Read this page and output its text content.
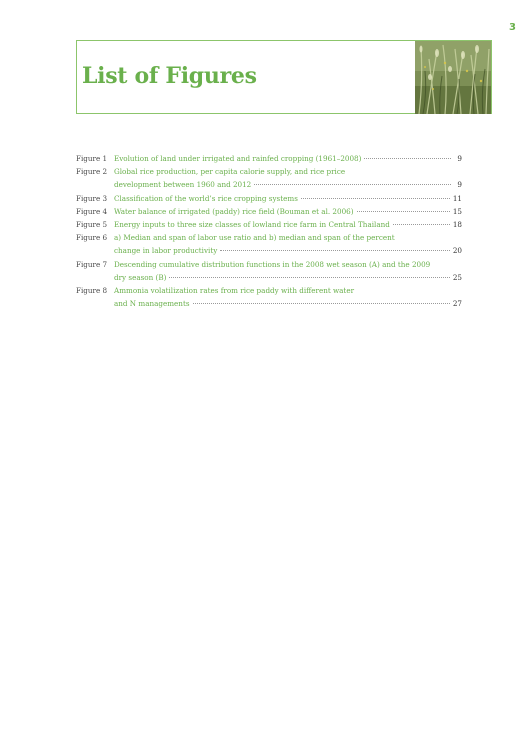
3
List of Figures
Figure 1 Evolution of land under irrigated and rainfed cropping (1961–2008)	9
Figure 2 Global rice production, per capita calorie supply, and rice price
development between 1960 and 2012	9
Figure 3 Classification of the world’s rice cropping systems	11
Figure 4 Water balance of irrigated (paddy) rice field (Bouman et al. 2006)	15
Figure 5 Energy inputs to three size classes of lowland rice farm in Central Thailand	18
Figure 6 a) Median and span of labor use ratio and b) median and span of the percent
change in labor productivity	20
Figure 7 Descending cumulative distribution functions in the 2008 wet season (A) and the 2009
dry season (B)	25
Figure 8 Ammonia volatilization rates from rice paddy with different water
and N managements	27
